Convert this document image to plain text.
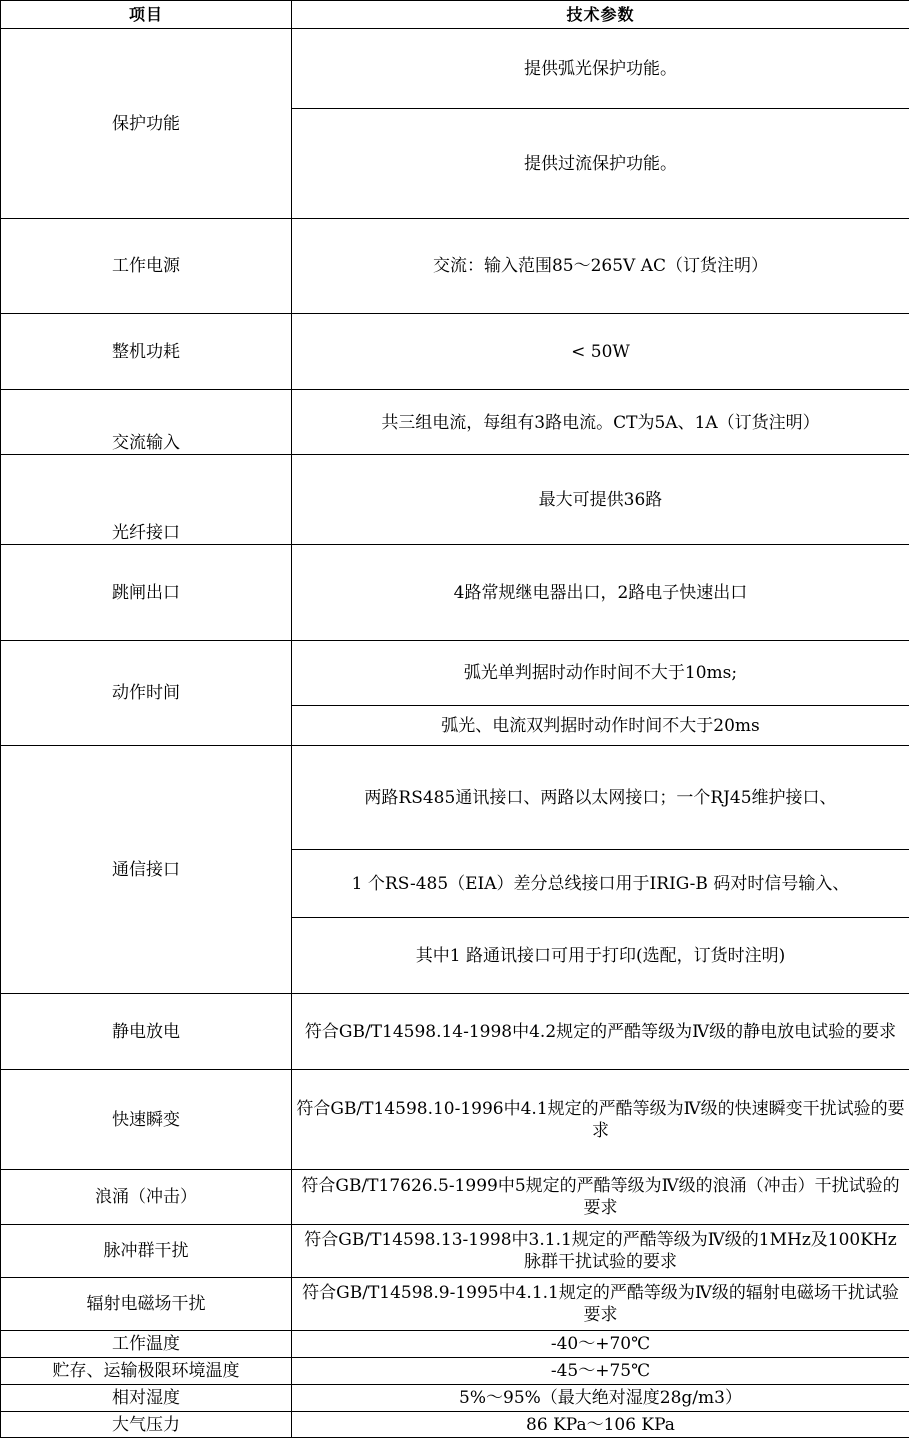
项目	技术参数
保护功能	提供弧光保护功能。
	提供过流保护功能。
工作电源	交流：输入范围85～265V AC（订货注明）
整机功耗	< 50W
交流输入	共三组电流，每组有3路电流。CT为5A、1A（订货注明）
光纤接口	最大可提供36路
跳闸出口	4路常规继电器出口，2路电子快速出口
动作时间	弧光单判据时动作时间不大于10ms;
	弧光、电流双判据时动作时间不大于20ms
通信接口	两路RS485通讯接口、两路以太网接口；一个RJ45维护接口、
	1 个RS-485（EIA）差分总线接口用于IRIG-B 码对时信号输入、
	其中1 路通讯接口可用于打印(选配，订货时注明)
静电放电	符合GB/T14598.14-1998中4.2规定的严酷等级为Ⅳ级的静电放电试验的要求
快速瞬变	符合GB/T14598.10-1996中4.1规定的严酷等级为Ⅳ级的快速瞬变干扰试验的要求
浪涌（冲击）	符合GB/T17626.5-1999中5规定的严酷等级为Ⅳ级的浪涌（冲击）干扰试验的要求
脉冲群干扰	符合GB/T14598.13-1998中3.1.1规定的严酷等级为Ⅳ级的1MHz及100KHz脉群干扰试验的要求
辐射电磁场干扰	符合GB/T14598.9-1995中4.1.1规定的严酷等级为Ⅳ级的辐射电磁场干扰试验要求
工作温度	-40～+70℃
贮存、运输极限环境温度	-45～+75℃
相对湿度	5%～95%（最大绝对湿度28g/m3）
大气压力	86 KPa～106 KPa
